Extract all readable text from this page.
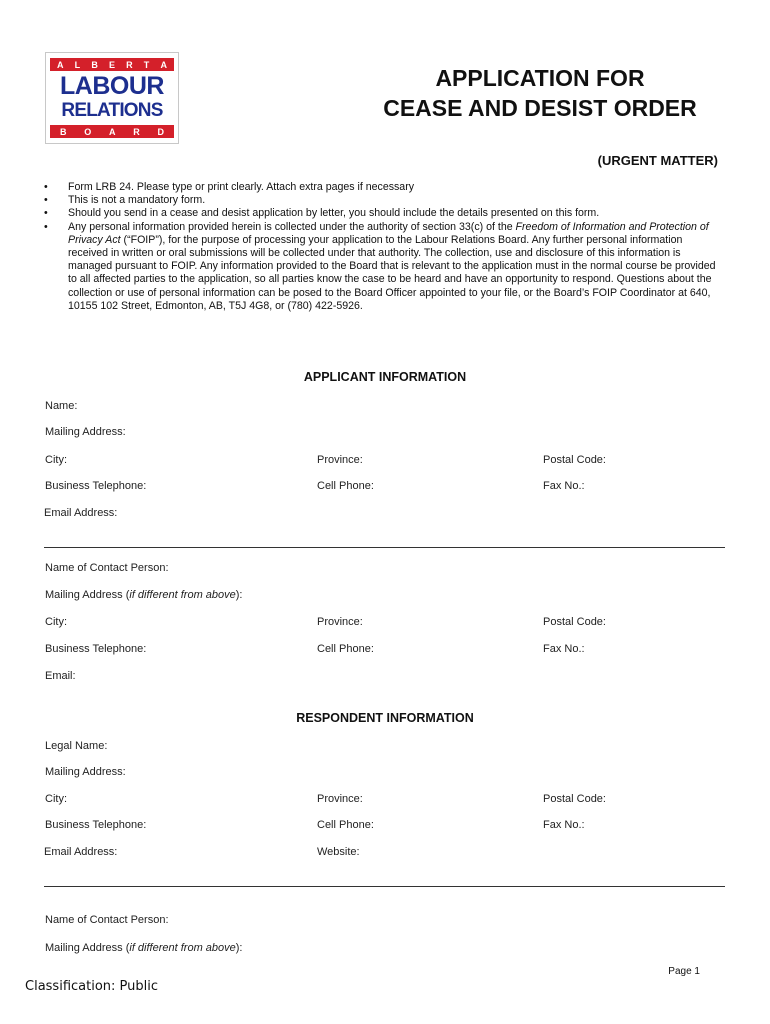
A L B E R T A
LABOUR
RELATIONS
B O A R D
APPLICATION FOR
CEASE AND DESIST ORDER
(URGENT MATTER)
•	Form LRB 24. Please type or print clearly. Attach extra pages if necessary
•	This is not a mandatory form.
•	Should you send in a cease and desist application by letter, you should include the details presented on this form.
•	Any personal information provided herein is collected under the authority of section 33(c) of the Freedom of Information and Protection of Privacy Act (“FOIP”), for the purpose of processing your application to the Labour Relations Board. Any further personal information received in written or oral submissions will be collected under that authority. The collection, use and disclosure of this information is managed pursuant to FOIP. Any information provided to the Board that is relevant to the application must in the normal course be provided to all affected parties to the application, so all parties know the case to be heard and have an opportunity to respond. Questions about the collection or use of personal information can be posed to the Board Officer appointed to your file, or the Board’s FOIP Coordinator at 640, 10155 102 Street, Edmonton, AB, T5J 4G8, or (780) 422-5926.
APPLICANT INFORMATION
Name:
Mailing Address:
City:	Province:	Postal Code:
Business Telephone:	Cell Phone:	Fax No.:
Email Address:
Name of Contact Person:
Mailing Address (if different from above):
City:	Province:	Postal Code:
Business Telephone:	Cell Phone:	Fax No.:
Email:
RESPONDENT INFORMATION
Legal Name:
Mailing Address:
City:	Province:	Postal Code:
Business Telephone:	Cell Phone:	Fax No.:
Email Address:	Website:
Name of Contact Person:
Mailing Address (if different from above):
Page 1
Classification: Public
